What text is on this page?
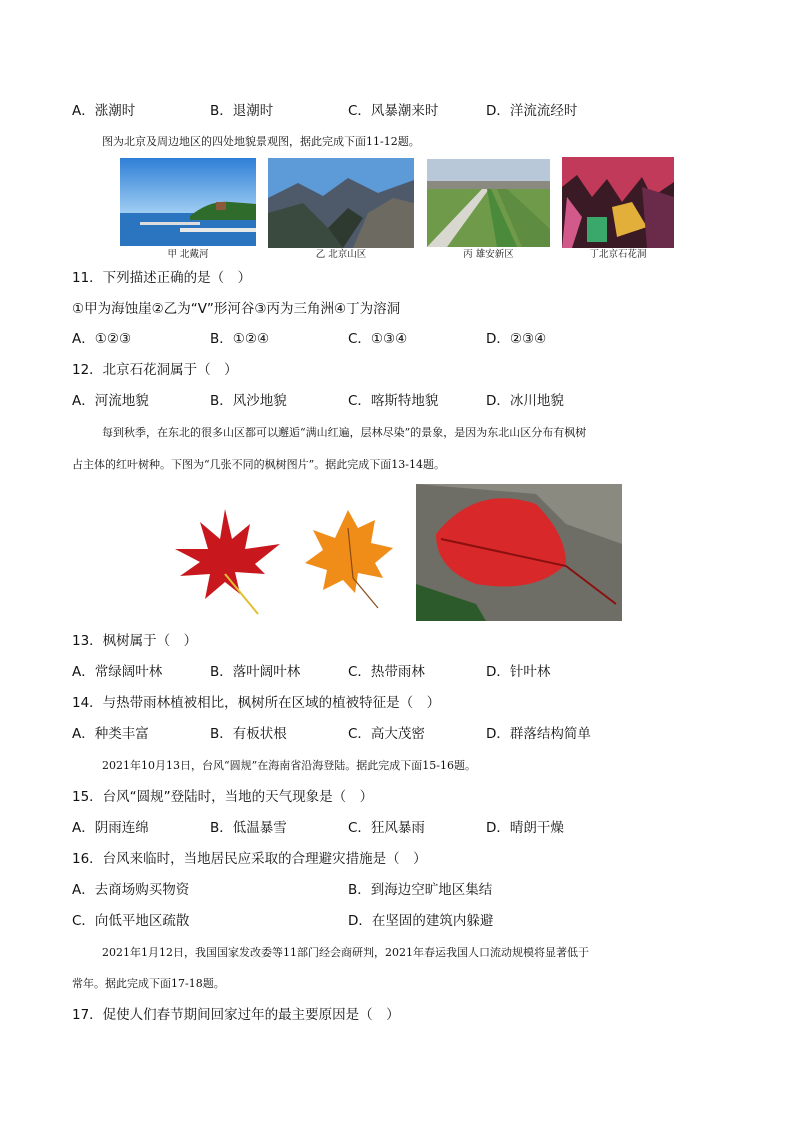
A．涨潮时	B．退潮时	C．风暴潮来时	D．洋流流经时
图为北京及周边地区的四处地貌景观图，据此完成下面11-12题。
甲 北戴河	乙 北京山区	丙 雄安新区	丁北京石花洞
11．下列描述正确的是（　）
①甲为海蚀崖②乙为“V”形河谷③丙为三角洲④丁为溶洞
A．①②③	B．①②④	C．①③④	D．②③④
12．北京石花洞属于（　）
A．河流地貌	B．风沙地貌	C．喀斯特地貌	D．冰川地貌
每到秋季，在东北的很多山区都可以邂逅“满山红遍，层林尽染”的景象，是因为东北山区分布有枫树
占主体的红叶树种。下图为“几张不同的枫树图片”。据此完成下面13-14题。
13．枫树属于（　）
A．常绿阔叶林	B．落叶阔叶林	C．热带雨林	D．针叶林
14．与热带雨林植被相比，枫树所在区域的植被特征是（　）
A．种类丰富	B．有板状根	C．高大茂密	D．群落结构简单
2021年10月13日，台风“圆规”在海南省沿海登陆。据此完成下面15-16题。
15．台风“圆规”登陆时，当地的天气现象是（　）
A．阴雨连绵	B．低温暴雪	C．狂风暴雨	D．晴朗干燥
16．台风来临时，当地居民应采取的合理避灾措施是（　）
A．去商场购买物资	B．到海边空旷地区集结
C．向低平地区疏散	D．在坚固的建筑内躲避
2021年1月12日，我国国家发改委等11部门经会商研判，2021年春运我国人口流动规模将显著低于
常年。据此完成下面17-18题。
17．促使人们春节期间回家过年的最主要原因是（　）
